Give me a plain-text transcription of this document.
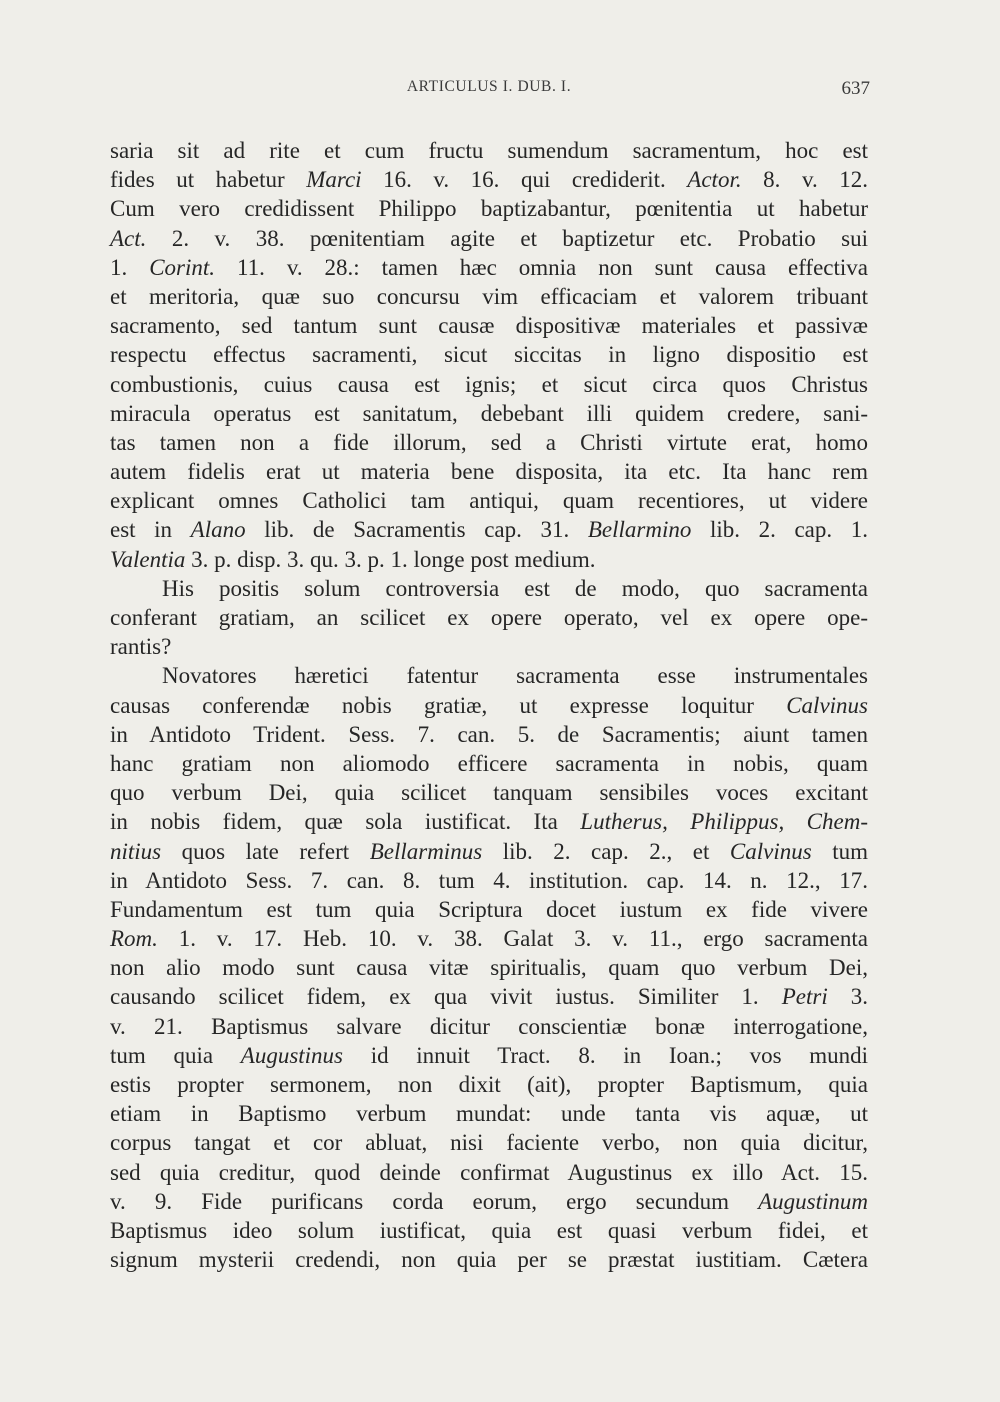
ARTICULUS I. DUB. I.	637
saria sit ad rite et cum fructu sumendum sacramentum, hoc est
fides ut habetur Marci 16. v. 16. qui crediderit. Actor. 8. v. 12.
Cum vero credidissent Philippo baptizabantur, pœnitentia ut habetur
Act. 2. v. 38. pœnitentiam agite et baptizetur etc. Probatio sui
1. Corint. 11. v. 28.: tamen hæc omnia non sunt causa effectiva
et meritoria, quæ suo concursu vim efficaciam et valorem tribuant
sacramento, sed tantum sunt causæ dispositivæ materiales et passivæ
respectu effectus sacramenti, sicut siccitas in ligno dispositio est
combustionis, cuius causa est ignis; et sicut circa quos Christus
miracula operatus est sanitatum, debebant illi quidem credere, sani-
tas tamen non a fide illorum, sed a Christi virtute erat, homo
autem fidelis erat ut materia bene disposita, ita etc. Ita hanc rem
explicant omnes Catholici tam antiqui, quam recentiores, ut videre
est in Alano lib. de Sacramentis cap. 31. Bellarmino lib. 2. cap. 1.
Valentia 3. p. disp. 3. qu. 3. p. 1. longe post medium.
His positis solum controversia est de modo, quo sacramenta
conferant gratiam, an scilicet ex opere operato, vel ex opere ope-
rantis?
Novatores hæretici fatentur sacramenta esse instrumentales
causas conferendæ nobis gratiæ, ut expresse loquitur Calvinus
in Antidoto Trident. Sess. 7. can. 5. de Sacramentis; aiunt tamen
hanc gratiam non aliomodo efficere sacramenta in nobis, quam
quo verbum Dei, quia scilicet tanquam sensibiles voces excitant
in nobis fidem, quæ sola iustificat. Ita Lutherus, Philippus, Chem-
nitius quos late refert Bellarminus lib. 2. cap. 2., et Calvinus tum
in Antidoto Sess. 7. can. 8. tum 4. institution. cap. 14. n. 12., 17.
Fundamentum est tum quia Scriptura docet iustum ex fide vivere
Rom. 1. v. 17. Heb. 10. v. 38. Galat 3. v. 11., ergo sacramenta
non alio modo sunt causa vitæ spiritualis, quam quo verbum Dei,
causando scilicet fidem, ex qua vivit iustus. Similiter 1. Petri 3.
v. 21. Baptismus salvare dicitur conscientiæ bonæ interrogatione,
tum quia Augustinus id innuit Tract. 8. in Ioan.; vos mundi
estis propter sermonem, non dixit (ait), propter Baptismum, quia
etiam in Baptismo verbum mundat: unde tanta vis aquæ, ut
corpus tangat et cor abluat, nisi faciente verbo, non quia dicitur,
sed quia creditur, quod deinde confirmat Augustinus ex illo Act. 15.
v. 9. Fide purificans corda eorum, ergo secundum Augustinum
Baptismus ideo solum iustificat, quia est quasi verbum fidei, et
signum mysterii credendi, non quia per se præstat iustitiam. Cætera
